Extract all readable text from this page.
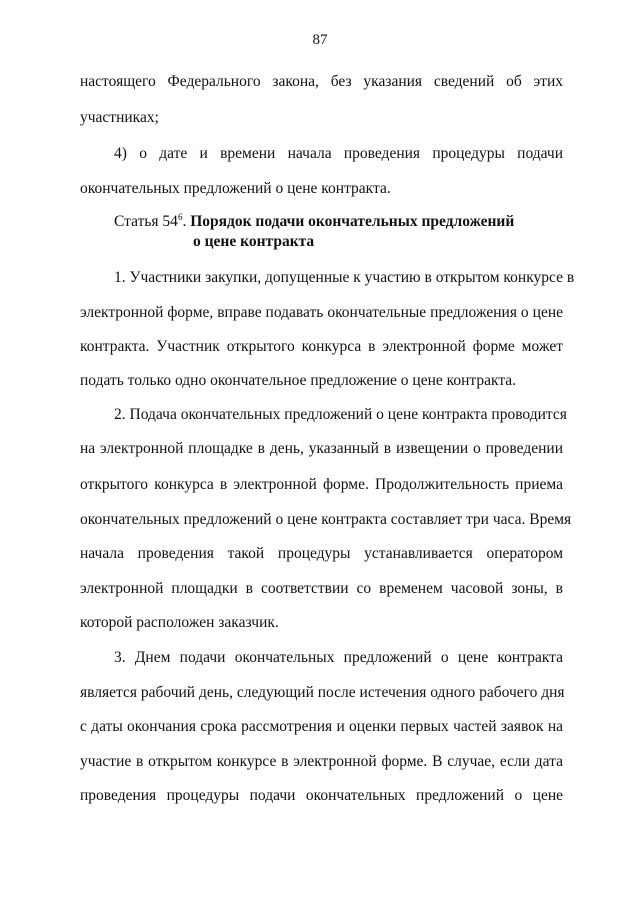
87
настоящего Федерального закона, без указания сведений об этих
участниках;
4) о дате и времени начала проведения процедуры подачи
окончательных предложений о цене контракта.
Статья $54^6$. Порядок подачи окончательных предложений
о цене контракта
1. Участники закупки, допущенные к участию в открытом конкурсе в
электронной форме, вправе подавать окончательные предложения о цене
контракта. Участник открытого конкурса в электронной форме может
подать только одно окончательное предложение о цене контракта.
2. Подача окончательных предложений о цене контракта проводится
на электронной площадке в день, указанный в извещении о проведении
открытого конкурса в электронной форме. Продолжительность приема
окончательных предложений о цене контракта составляет три часа. Время
начала проведения такой процедуры устанавливается оператором
электронной площадки в соответствии со временем часовой зоны, в
которой расположен заказчик.
3. Днем подачи окончательных предложений о цене контракта
является рабочий день, следующий после истечения одного рабочего дня
с даты окончания срока рассмотрения и оценки первых частей заявок на
участие в открытом конкурсе в электронной форме. В случае, если дата
проведения процедуры подачи окончательных предложений о цене
